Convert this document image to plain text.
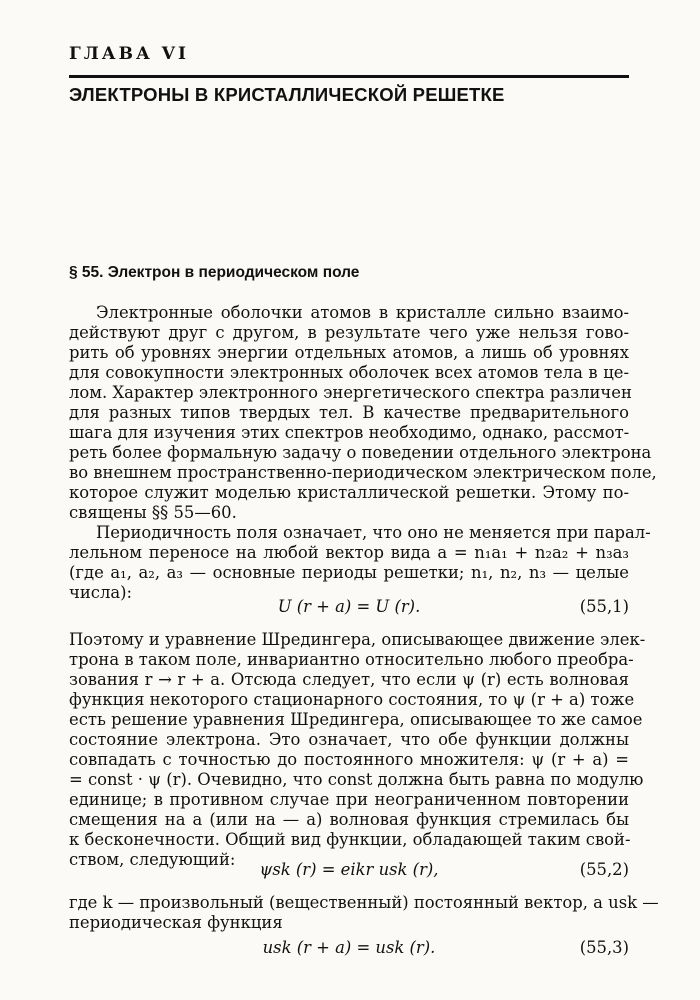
ГЛАВА VI
ЭЛЕКТРОНЫ В КРИСТАЛЛИЧЕСКОЙ РЕШЕТКЕ
§ 55. Электрон в периодическом поле
Электронные оболочки атомов в кристалле сильно взаимо-
действуют друг с другом, в результате чего уже нельзя гово-
рить об уровнях энергии отдельных атомов, а лишь об уровнях
для совокупности электронных оболочек всех атомов тела в це-
лом. Характер электронного энергетического спектра различен
для разных типов твердых тел. В качестве предварительного
шага для изучения этих спектров необходимо, однако, рассмот-
реть более формальную задачу о поведении отдельного электрона
во внешнем пространственно-периодическом электрическом поле,
которое служит моделью кристаллической решетки. Этому по-
священы §§ 55—60.
Периодичность поля означает, что оно не меняется при парал-
лельном переносе на любой вектор вида a = n₁a₁ + n₂a₂ + n₃a₃
(где a₁, a₂, a₃ — основные периоды решетки; n₁, n₂, n₃ — целые
числа):
U (r + a) = U (r).	(55,1)
Поэтому и уравнение Шредингера, описывающее движение элек-
трона в таком поле, инвариантно относительно любого преобра-
зования r → r + a. Отсюда следует, что если ψ (r) есть волновая
функция некоторого стационарного состояния, то ψ (r + a) тоже
есть решение уравнения Шредингера, описывающее то же самое
состояние электрона. Это означает, что обе функции должны
совпадать с точностью до постоянного множителя: ψ (r + a) =
= const · ψ (r). Очевидно, что const должна быть равна по модулю
единице; в противном случае при неограниченном повторении
смещения на a (или на — a) волновая функция стремилась бы
к бесконечности. Общий вид функции, обладающей таким свой-
ством, следующий:
ψsk (r) = eikr usk (r),	(55,2)
где k — произвольный (вещественный) постоянный вектор, а usk —
периодическая функция
usk (r + a) = usk (r).	(55,3)
